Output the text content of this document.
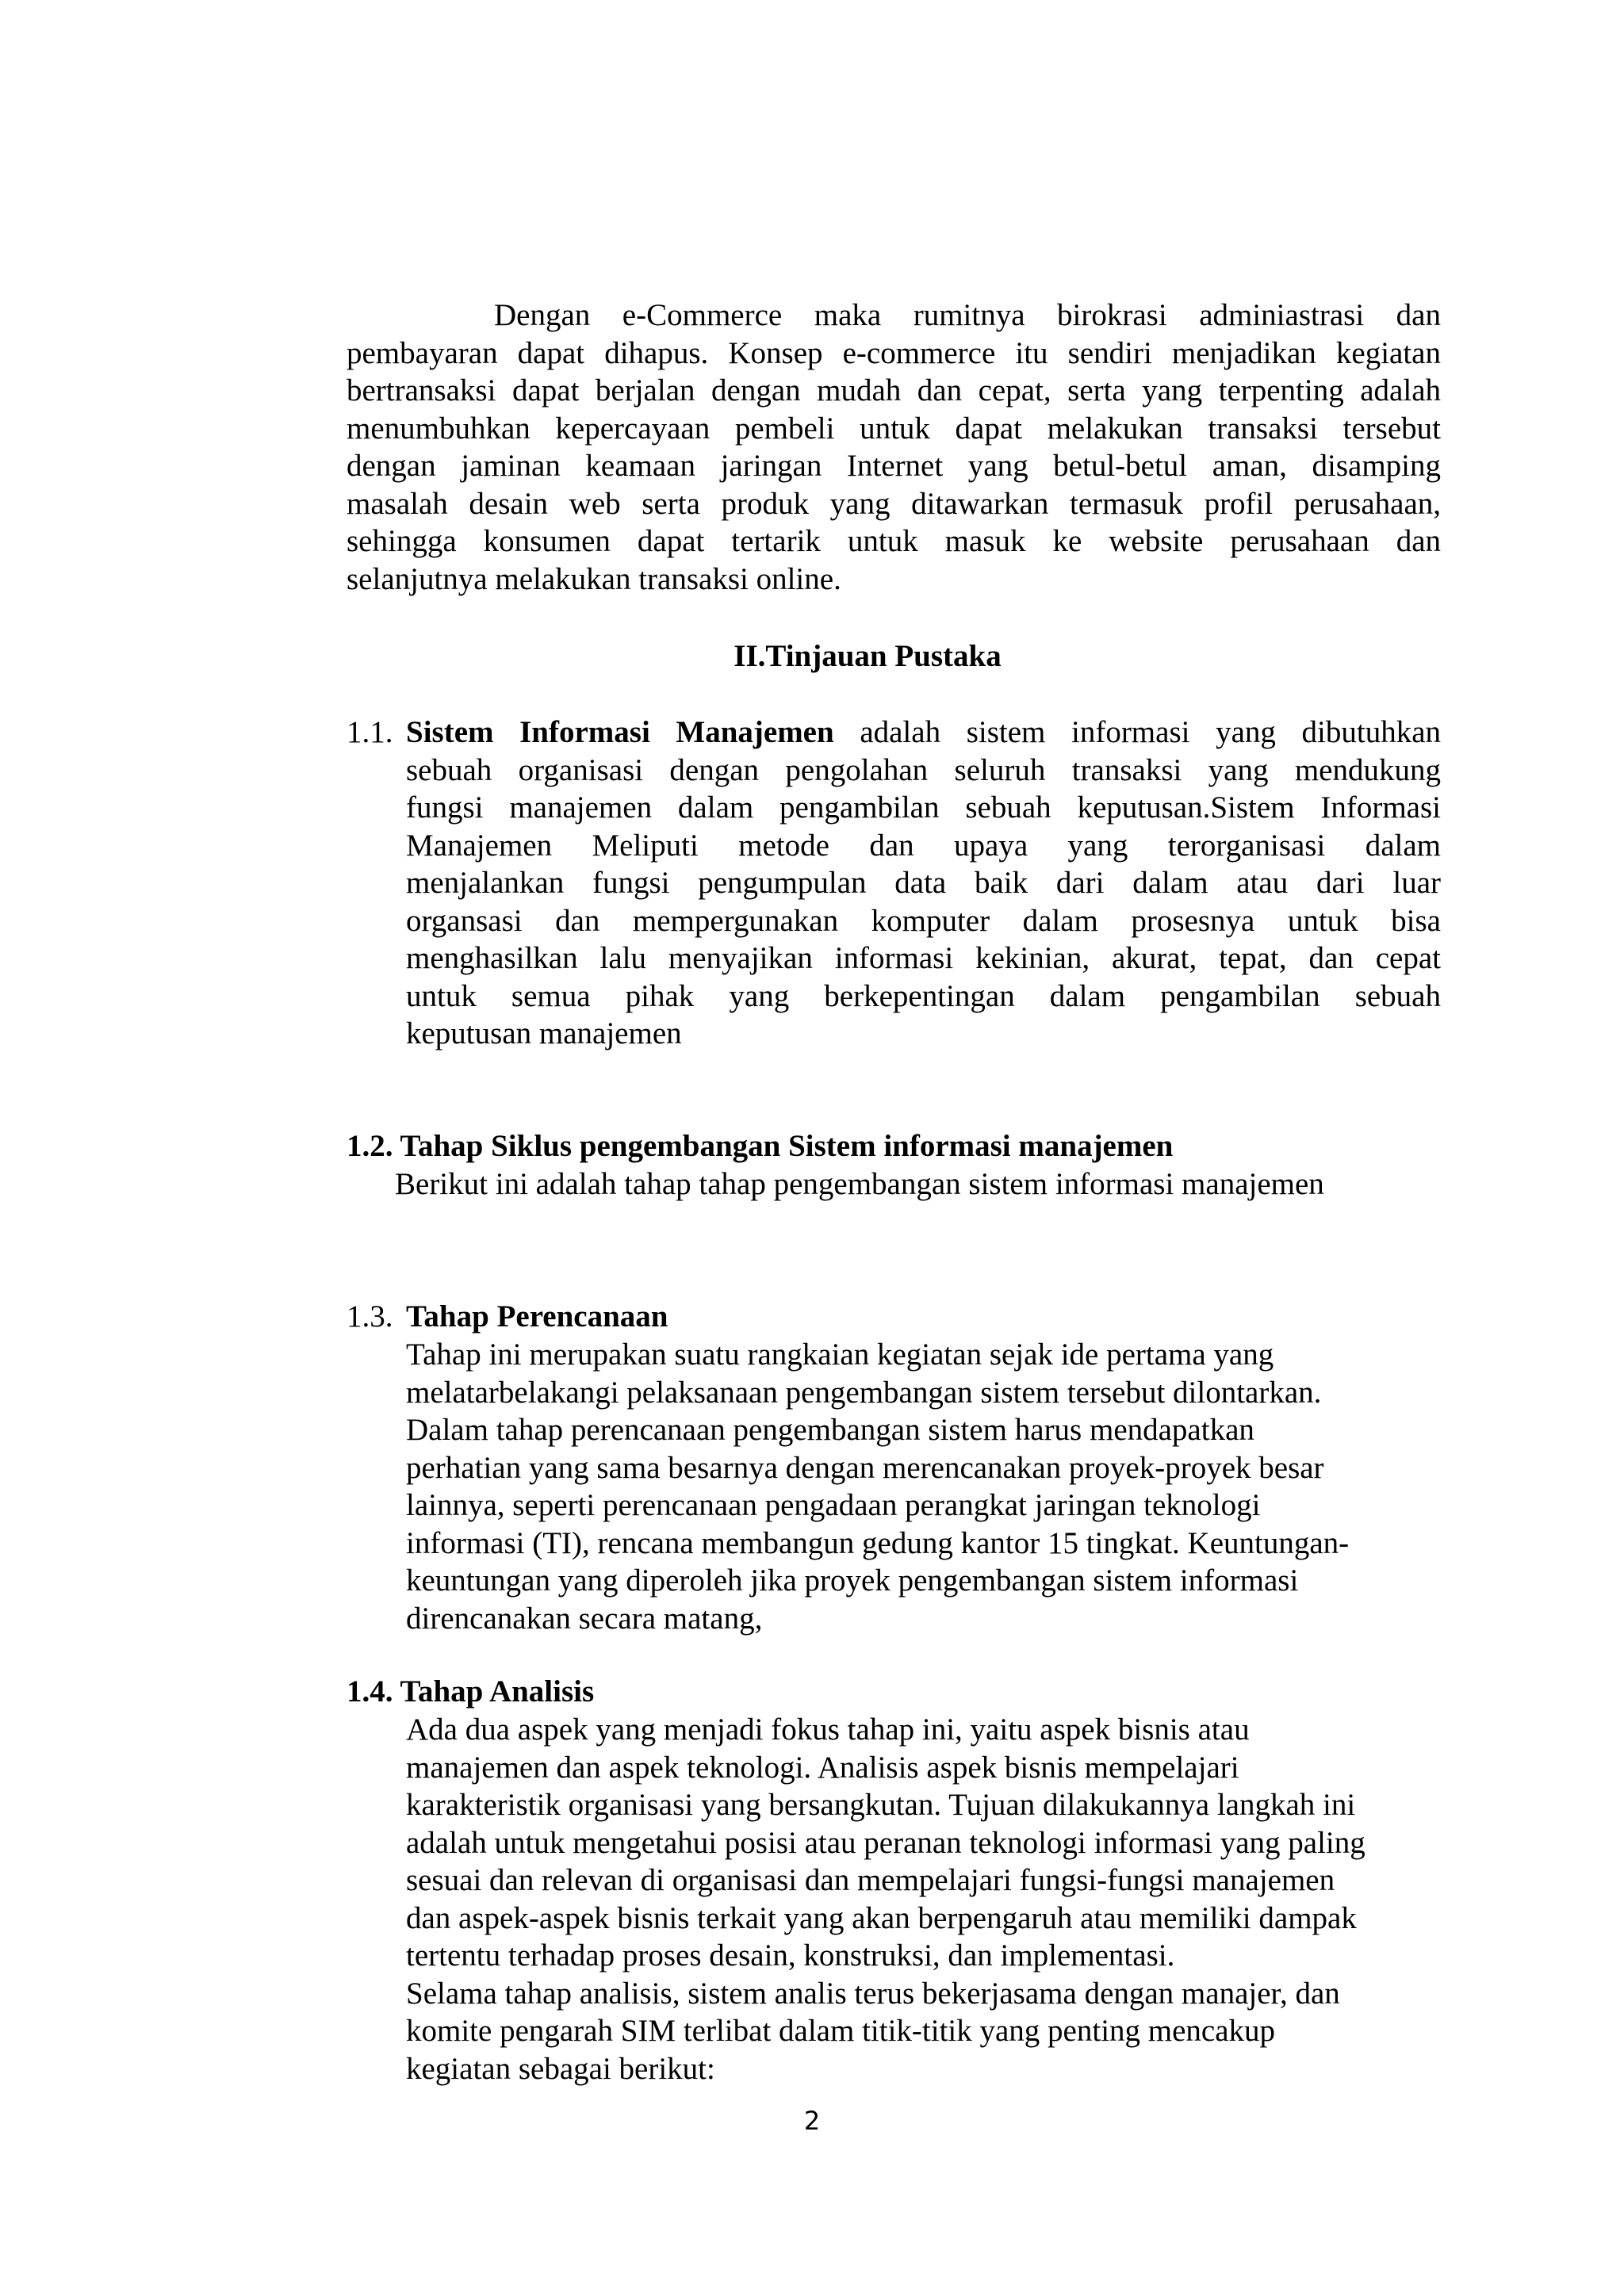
Dengan e-Commerce maka rumitnya birokrasi adminiastrasi dan
pembayaran dapat dihapus. Konsep e-commerce itu sendiri menjadikan kegiatan
bertransaksi dapat berjalan dengan mudah dan cepat, serta yang terpenting adalah
menumbuhkan kepercayaan pembeli untuk dapat melakukan transaksi tersebut
dengan jaminan keamaan jaringan Internet yang betul-betul aman, disamping
masalah desain web serta produk yang ditawarkan termasuk profil perusahaan,
sehingga konsumen dapat tertarik untuk masuk ke website perusahaan dan
selanjutnya melakukan transaksi online.
II.Tinjauan Pustaka
1.1. Sistem Informasi Manajemen adalah sistem informasi yang dibutuhkan
sebuah organisasi dengan pengolahan seluruh transaksi yang mendukung
fungsi manajemen dalam pengambilan sebuah keputusan.Sistem Informasi
Manajemen Meliputi metode dan upaya yang terorganisasi dalam
menjalankan fungsi pengumpulan data baik dari dalam atau dari luar
organsasi dan mempergunakan komputer dalam prosesnya untuk bisa
menghasilkan lalu menyajikan informasi kekinian, akurat, tepat, dan cepat
untuk semua pihak yang berkepentingan dalam pengambilan sebuah
keputusan manajemen
1.2. Tahap Siklus pengembangan Sistem informasi manajemen
Berikut ini adalah tahap tahap pengembangan sistem informasi manajemen
1.3. Tahap Perencanaan
Tahap ini merupakan suatu rangkaian kegiatan sejak ide pertama yang
melatarbelakangi pelaksanaan pengembangan sistem tersebut dilontarkan.
Dalam tahap perencanaan pengembangan sistem harus mendapatkan
perhatian yang sama besarnya dengan merencanakan proyek-proyek besar
lainnya, seperti perencanaan pengadaan perangkat jaringan teknologi
informasi (TI), rencana membangun gedung kantor 15 tingkat. Keuntungan-
keuntungan yang diperoleh jika proyek pengembangan sistem informasi
direncanakan secara matang,
1.4. Tahap Analisis
Ada dua aspek yang menjadi fokus tahap ini, yaitu aspek bisnis atau
manajemen dan aspek teknologi. Analisis aspek bisnis mempelajari
karakteristik organisasi yang bersangkutan. Tujuan dilakukannya langkah ini
adalah untuk mengetahui posisi atau peranan teknologi informasi yang paling
sesuai dan relevan di organisasi dan mempelajari fungsi-fungsi manajemen
dan aspek-aspek bisnis terkait yang akan berpengaruh atau memiliki dampak
tertentu terhadap proses desain, konstruksi, dan implementasi.
Selama tahap analisis, sistem analis terus bekerjasama dengan manajer, dan
komite pengarah SIM terlibat dalam titik-titik yang penting mencakup
kegiatan sebagai berikut:
2
